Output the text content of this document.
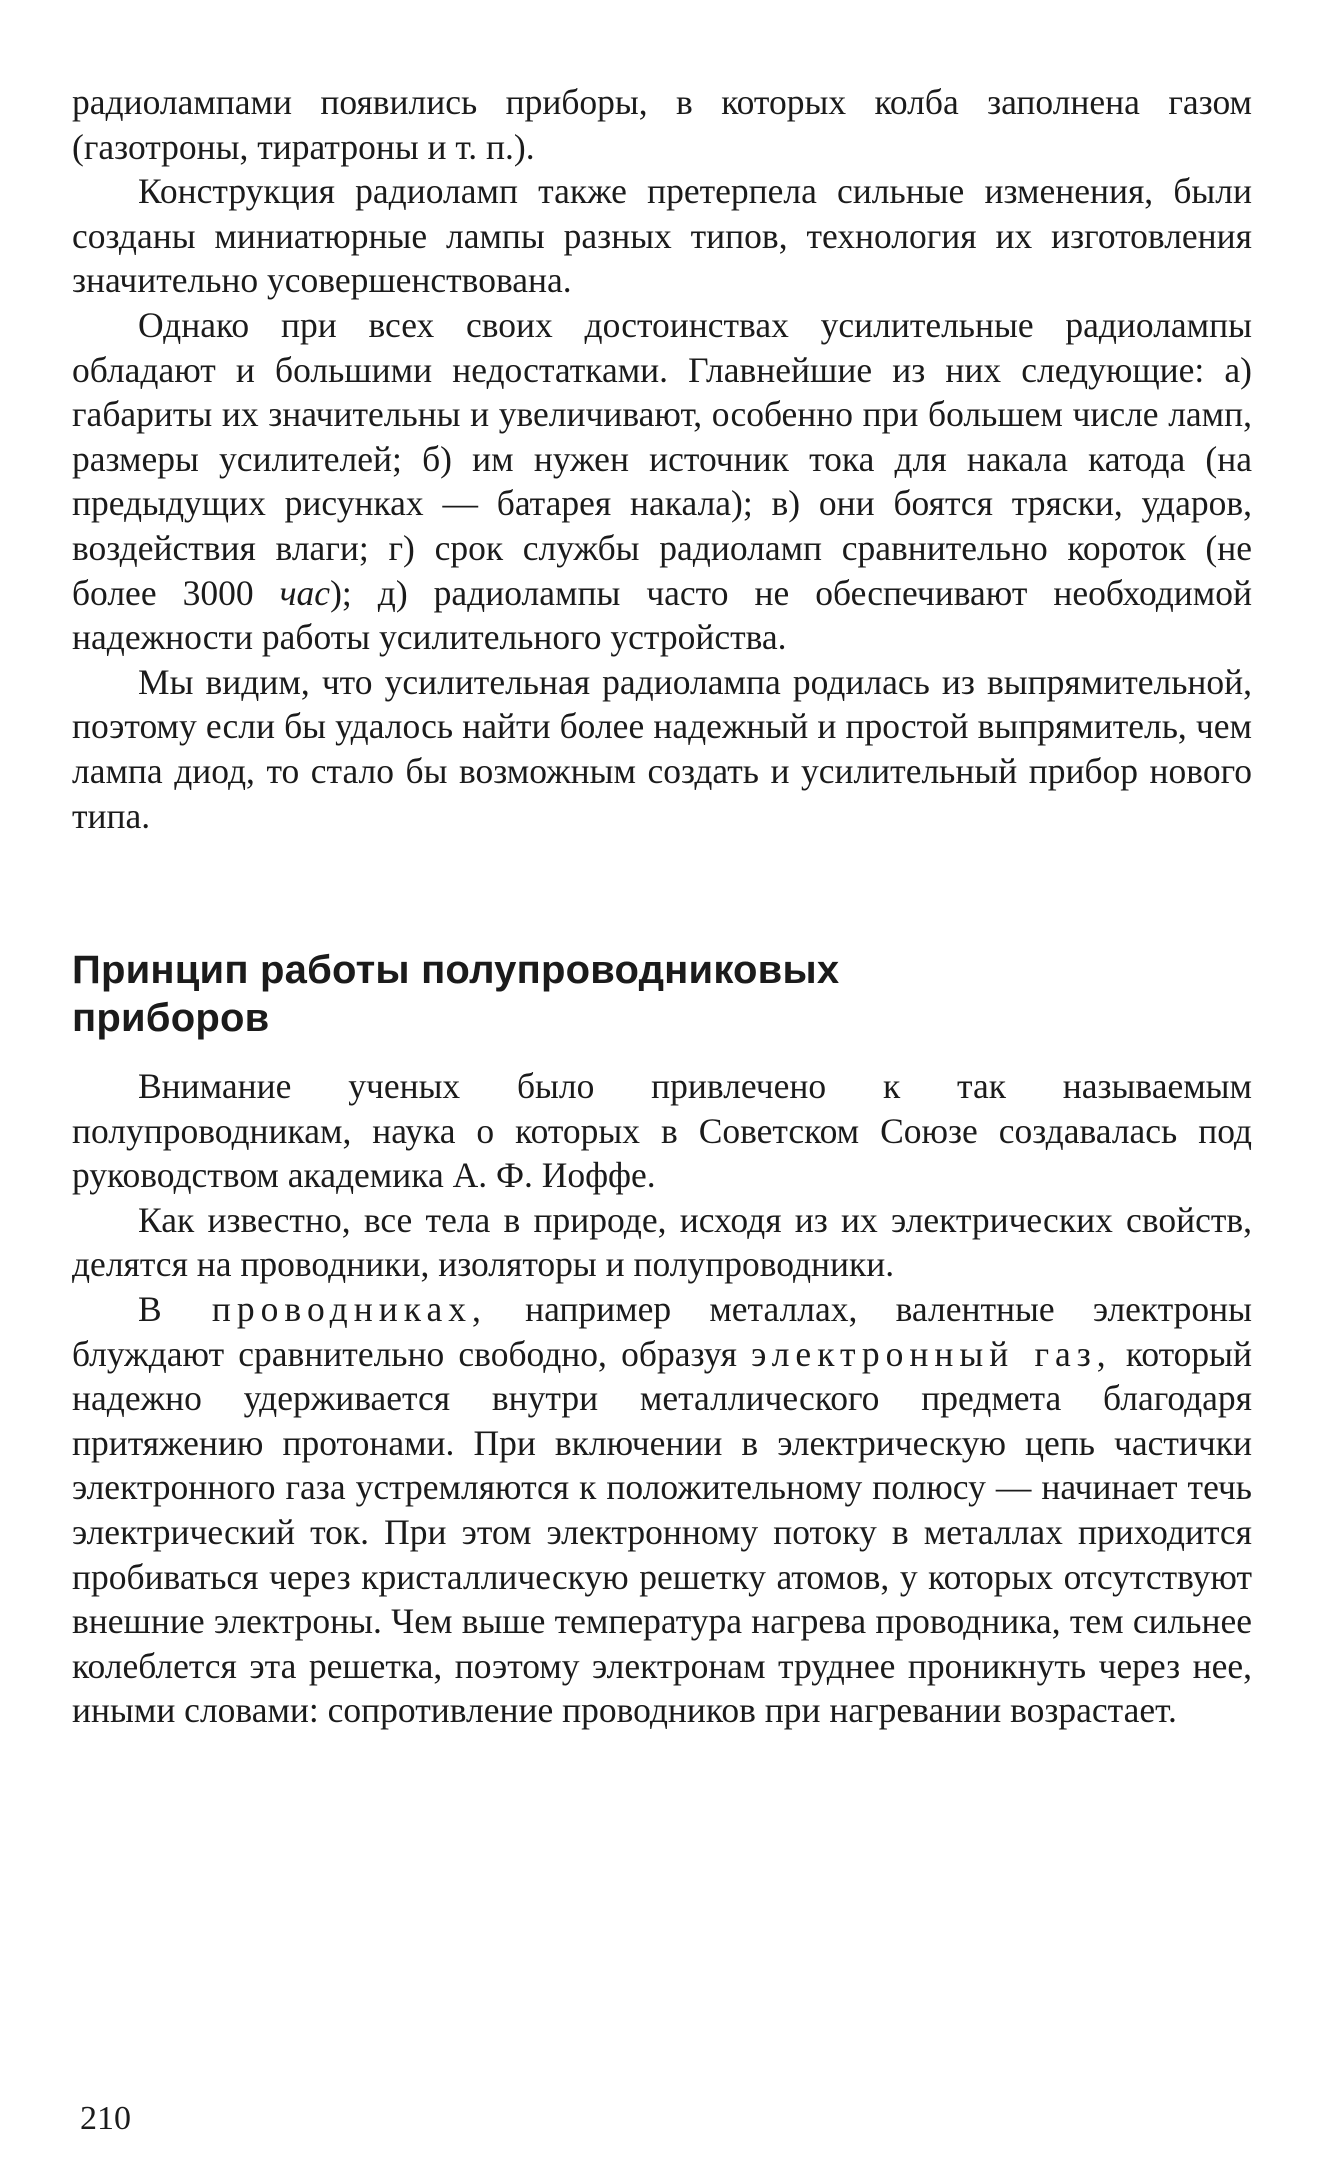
радиолампами появились приборы, в которых колба заполнена газом (газотроны, тиратроны и т. п.).

Конструкция радиоламп также претерпела сильные изменения, были созданы миниатюрные лампы разных типов, технология их изготовления значительно усовершенствована.

Однако при всех своих достоинствах усилительные радиолампы обладают и большими недостатками. Главнейшие из них следующие: а) габариты их значительны и увеличивают, особенно при большем числе ламп, размеры усилителей; б) им нужен источник тока для накала катода (на предыдущих рисунках — батарея накала); в) они боятся тряски, ударов, воздействия влаги; г) срок службы радиоламп сравнительно короток (не более 3000 час); д) радиолампы часто не обеспечивают необходимой надежности работы усилительного устройства.

Мы видим, что усилительная радиолампа родилась из выпрямительной, поэтому если бы удалось найти более надежный и простой выпрямитель, чем лампа диод, то стало бы возможным создать и усилительный прибор нового типа.

Принцип работы полупроводниковых приборов

Внимание ученых было привлечено к так называемым полупроводникам, наука о которых в Советском Союзе создавалась под руководством академика А. Ф. Иоффе.

Как известно, все тела в природе, исходя из их электрических свойств, делятся на проводники, изоляторы и полупроводники.

В проводниках, например металлах, валентные электроны блуждают сравнительно свободно, образуя электронный газ, который надежно удерживается внутри металлического предмета благодаря притяжению протонами. При включении в электрическую цепь частички электронного газа устремляются к положительному полюсу — начинает течь электрический ток. При этом электронному потоку в металлах приходится пробиваться через кристаллическую решетку атомов, у которых отсутствуют внешние электроны. Чем выше температура нагрева проводника, тем сильнее колеблется эта решетка, поэтому электронам труднее проникнуть через нее, иными словами: сопротивление проводников при нагревании возрастает.

210
